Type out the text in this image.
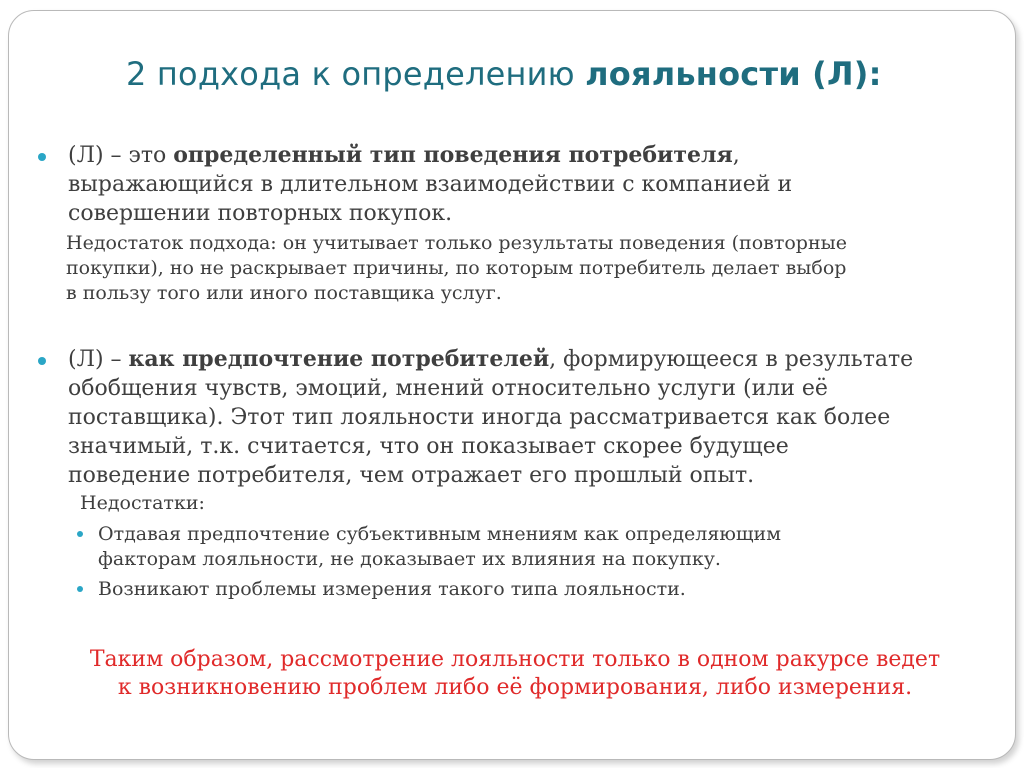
2 подхода к определению лояльности (Л):
(Л) – это определенный тип поведения потребителя,
выражающийся в длительном взаимодействии с компанией и
совершении повторных покупок.
Недостаток подхода: он учитывает только результаты поведения (повторные
покупки), но не раскрывает причины, по которым потребитель делает выбор
в пользу того или иного поставщика услуг.
(Л) – как предпочтение потребителей, формирующееся в результате
обобщения чувств, эмоций, мнений относительно услуги (или её
поставщика). Этот тип лояльности иногда рассматривается как более
значимый, т.к. считается, что он показывает скорее будущее
поведение потребителя, чем отражает его прошлый опыт.
Недостатки:
Отдавая предпочтение субъективным мнениям как определяющим
факторам лояльности, не доказывает их влияния на покупку.
Возникают проблемы измерения такого типа лояльности.
Таким образом, рассмотрение лояльности только в одном ракурсе ведет
к возникновению проблем либо её формирования, либо измерения.
